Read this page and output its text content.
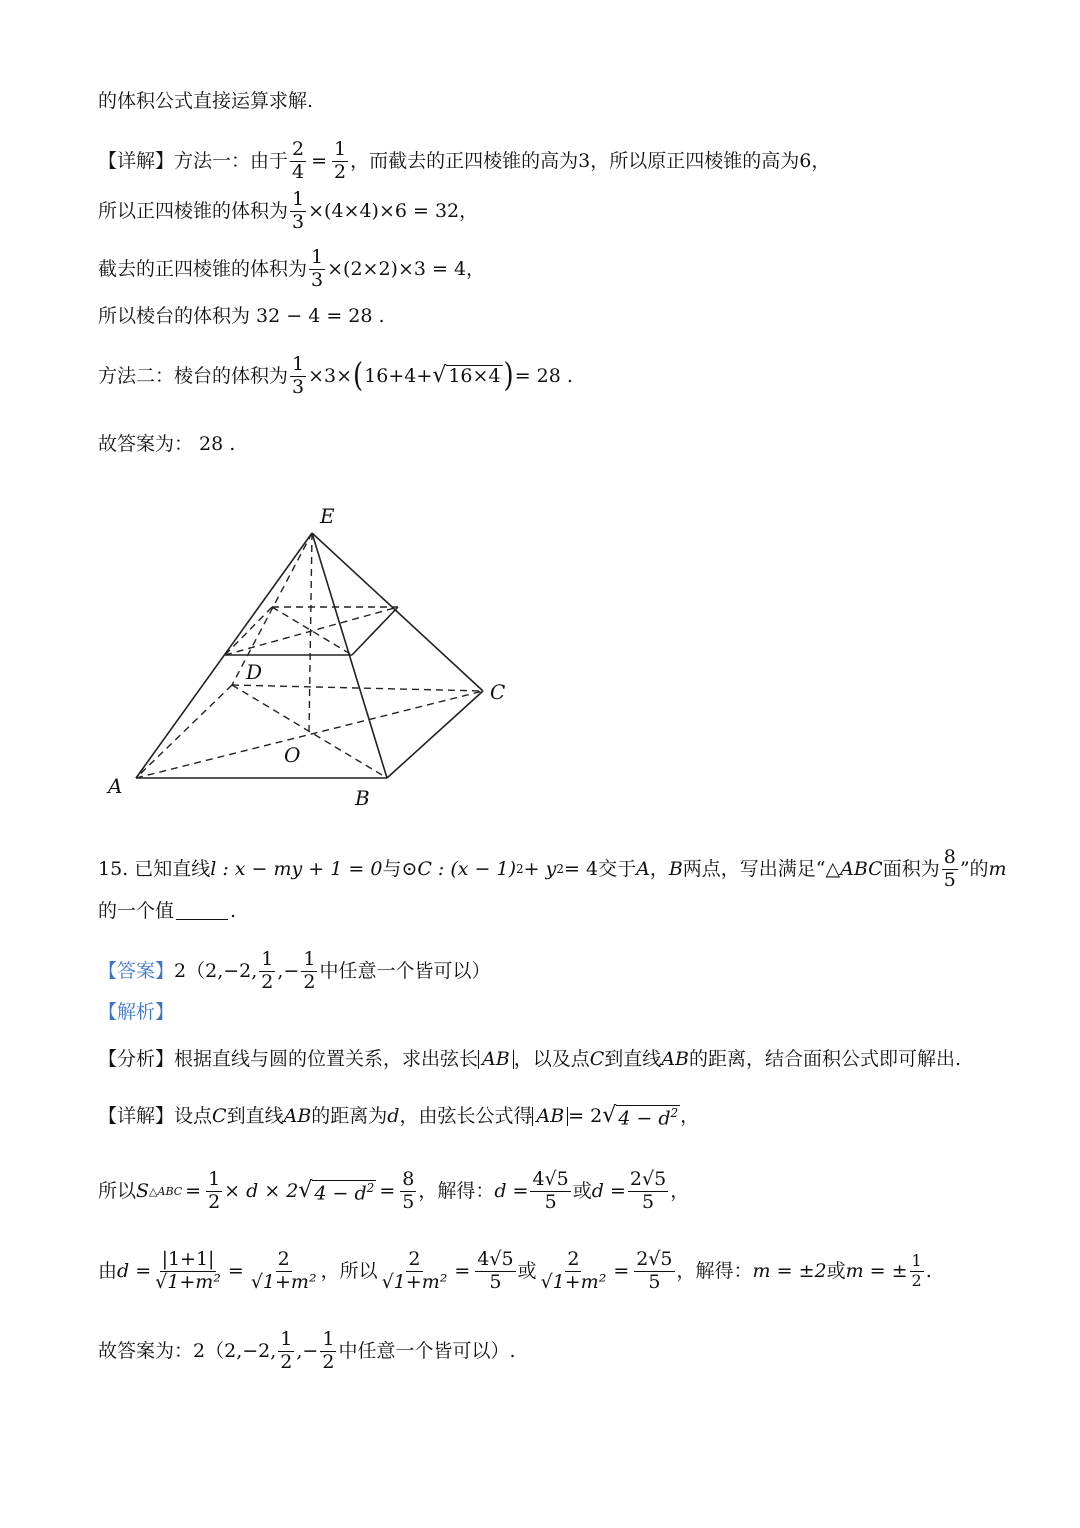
的体积公式直接运算求解.
【详解】 方法一：由于 $\frac{2}{4} = \frac{1}{2}$ ，而截去的正四棱锥的高为 3 ，所以原正四棱锥的高为 6 ，
所以正四棱锥的体积为 $\frac{1}{3} \times(4\times 4)\times 6 = 32$ ，
截去的正四棱锥的体积为 $\frac{1}{3} \times(2\times 2)\times 3 = 4$ ，
所以棱台的体积为 32 − 4 = 28 .
方法二：棱台的体积为 $\frac{1}{3} \times 3\times$ ( 16+4+ √ 16×4 ) = 28 .
故答案为： 28 .
E
D
C
O
A	B
15. 已知直线 l : x − my + 1 = 0 与⊙ C : (x − 1) 2 + y 2 = 4 交于 A ， B 两点，写出满足“ △ABC 面积为 $\frac{8}{5}$ ”的 m
的一个值	.
【答案】 2（2,−2, $\frac{1}{2}$ ,− $\frac{1}{2}$ 中任意一个皆可以）
【解析】
【分析】 根据直线与圆的位置关系，求出弦长 AB ，以及点 C 到直线 AB 的距离，结合面积公式即可解出.
【详解】 设点 C 到直线 AB 的距离为 d ，由弦长公式得 AB = 2 √ $4 - d^2$ ，
所以 S △ABC = $\frac{1}{2} \times d \times 2$ √ $4 - d^2 = \frac{8}{5}$ ，解得： $d = \frac{4√5}{5}$ 或 $d = \frac{2√5}{5}$ ，
由 $d = \frac{|1+1|}{\text{√1+m²}} = \frac{2}{\text{√1+m²}}$ ，所以 $\frac{2}{\text{√1+m²}} = \frac{4√5}{5}$ 或 $\frac{2}{\text{√1+m²}} = \frac{2√5}{5}$ ，解得： m = ±2 或 m = ± $\frac{1}{2}$ .
故答案为： 2（2,−2, $\frac{1}{2}$ ,− $\frac{1}{2}$ 中任意一个皆可以）.
